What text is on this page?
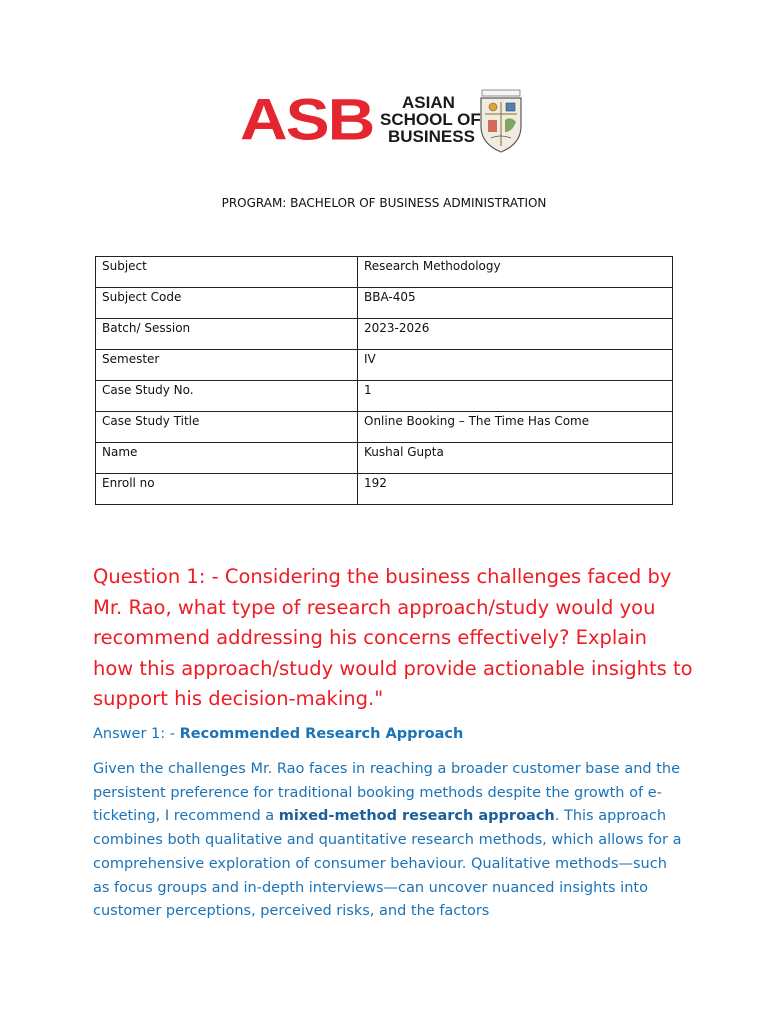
ASB ASIAN
SCHOOL OF
BUSINESS
PROGRAM: BACHELOR OF BUSINESS ADMINISTRATION
Subject	Research Methodology
Subject Code	BBA-405
Batch/ Session	2023-2026
Semester	IV
Case Study No.	1
Case Study Title	Online Booking – The Time Has Come
Name	Kushal Gupta
Enroll no	192
Question 1: - Considering the business challenges faced by Mr. Rao, what type of research approach/study would you recommend addressing his concerns effectively? Explain how this approach/study would provide actionable insights to support his decision-making."
Answer 1: - Recommended Research Approach
Given the challenges Mr. Rao faces in reaching a broader customer base and the persistent preference for traditional booking methods despite the growth of e-ticketing, I recommend a mixed-method research approach. This approach combines both qualitative and quantitative research methods, which allows for a comprehensive exploration of consumer behaviour. Qualitative methods—such as focus groups and in-depth interviews—can uncover nuanced insights into customer perceptions, perceived risks, and the factors
